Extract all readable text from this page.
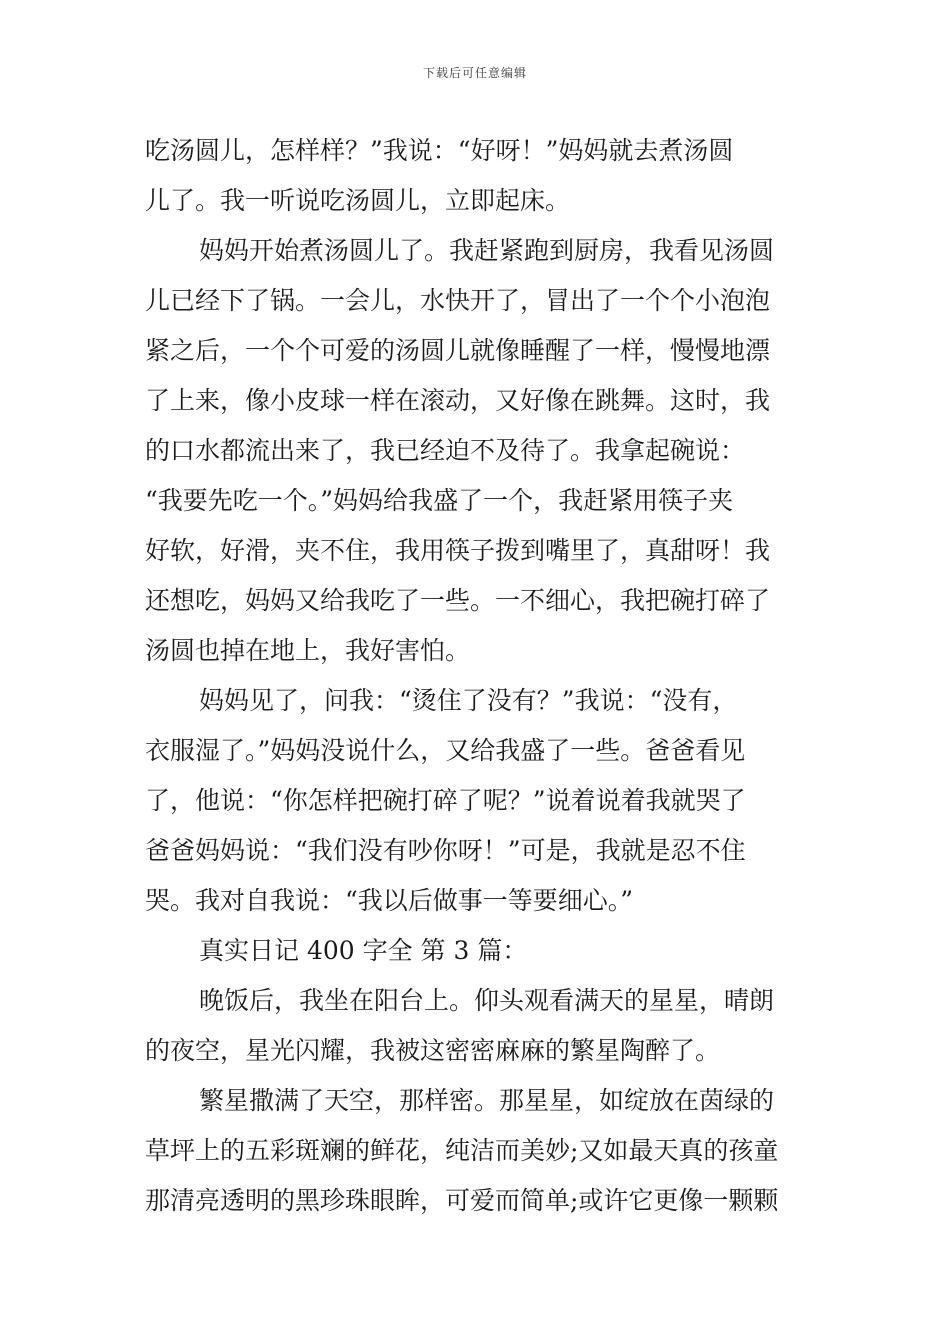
下载后可任意编辑
吃汤圆儿，怎样样？”我说：“好呀！”妈妈就去煮汤圆
儿了。我一听说吃汤圆儿，立即起床。
妈妈开始煮汤圆儿了。我赶紧跑到厨房，我看见汤圆
儿已经下了锅。一会儿，水快开了，冒出了一个个小泡泡
紧之后，一个个可爱的汤圆儿就像睡醒了一样，慢慢地漂
了上来，像小皮球一样在滚动，又好像在跳舞。这时，我
的口水都流出来了，我已经迫不及待了。我拿起碗说：
“我要先吃一个。”妈妈给我盛了一个，我赶紧用筷子夹
好软，好滑，夹不住，我用筷子拨到嘴里了，真甜呀！我
还想吃，妈妈又给我吃了一些。一不细心，我把碗打碎了
汤圆也掉在地上，我好害怕。
妈妈见了，问我：“烫住了没有？”我说：“没有，
衣服湿了。”妈妈没说什么，又给我盛了一些。爸爸看见
了，他说：“你怎样把碗打碎了呢？”说着说着我就哭了
爸爸妈妈说：“我们没有吵你呀！”可是，我就是忍不住
哭。我对自我说：“我以后做事一等要细心。”
真实日记 400 字全 第 3 篇：
晚饭后，我坐在阳台上。仰头观看满天的星星，晴朗
的夜空，星光闪耀，我被这密密麻麻的繁星陶醉了。
繁星撒满了天空，那样密。那星星，如绽放在茵绿的
草坪上的五彩斑斓的鲜花，纯洁而美妙;又如最天真的孩童
那清亮透明的黑珍珠眼眸，可爱而简单;或许它更像一颗颗
